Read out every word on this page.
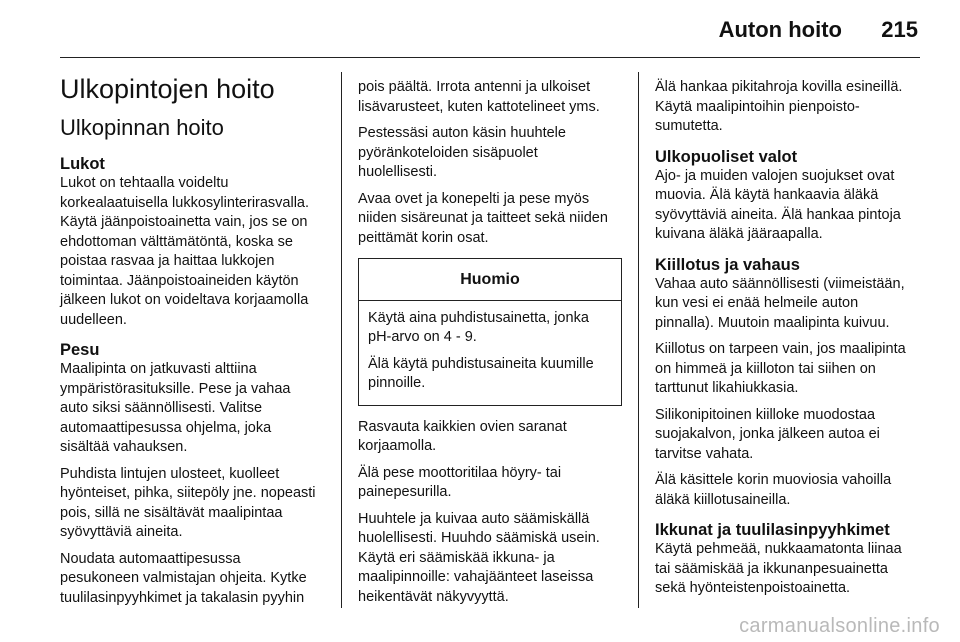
Auton hoito 215
Ulkopintojen hoito
Ulkopinnan hoito
Lukot

Lukot on tehtaalla voideltu korkealaatuisella lukkosylinterirasvalla. Käytä jäänpoistoainetta vain, jos se on ehdottoman välttämätöntä, koska se poistaa rasvaa ja haittaa lukkojen toimintaa. Jäänpoistoaineiden käytön jälkeen lukot on voideltava korjaamolla uudelleen.

Pesu

Maalipinta on jatkuvasti alttiina ympäristörasituksille. Pese ja vahaa auto siksi säännöllisesti. Valitse automaattipesussa ohjelma, joka sisältää vahauksen.

Puhdista lintujen ulosteet, kuolleet hyönteiset, pihka, siitepöly jne. nopeasti pois, sillä ne sisältävät maalipintaa syövyttäviä aineita.

Noudata automaattipesussa pesukoneen valmistajan ohjeita. Kytke tuulilasinpyyhkimet ja takalasin pyyhin

pois päältä. Irrota antenni ja ulkoiset lisävarusteet, kuten kattotelineet yms.

Pestessäsi auton käsin huuhtele pyöränkoteloiden sisäpuolet huolellisesti.

Avaa ovet ja konepelti ja pese myös niiden sisäreunat ja taitteet sekä niiden peittämät korin osat.

Huomio

Käytä aina puhdistusainetta, jonka pH-arvo on 4 - 9.

Älä käytä puhdistusaineita kuumille pinnoille.

Rasvauta kaikkien ovien saranat korjaamolla.

Älä pese moottoritilaa höyry- tai painepesurilla.

Huuhtele ja kuivaa auto säämiskällä huolellisesti. Huuhdo säämiskä usein. Käytä eri säämiskää ikkuna- ja maalipinnoille: vahajäänteet laseissa heikentävät näkyvyyttä.

Älä hankaa pikitahroja kovilla esineillä. Käytä maalipintoihin pienpoisto-sumutetta.

Ulkopuoliset valot

Ajo- ja muiden valojen suojukset ovat muovia. Älä käytä hankaavia äläkä syövyttäviä aineita. Älä hankaa pintoja kuivana äläkä jääraapalla.

Kiillotus ja vahaus

Vahaa auto säännöllisesti (viimeistään, kun vesi ei enää helmeile auton pinnalla). Muutoin maalipinta kuivuu.

Kiillotus on tarpeen vain, jos maalipinta on himmeä ja kiilloton tai siihen on tarttunut likahiukkasia.

Silikonipitoinen kiilloke muodostaa suojakalvon, jonka jälkeen autoa ei tarvitse vahata.

Älä käsittele korin muoviosia vahoilla äläkä kiillotusaineilla.

Ikkunat ja tuulilasinpyyhkimet

Käytä pehmeää, nukkaamatonta liinaa tai säämiskää ja ikkunanpesuainetta sekä hyönteistenpoistoainetta.

carmanualsonline.info
